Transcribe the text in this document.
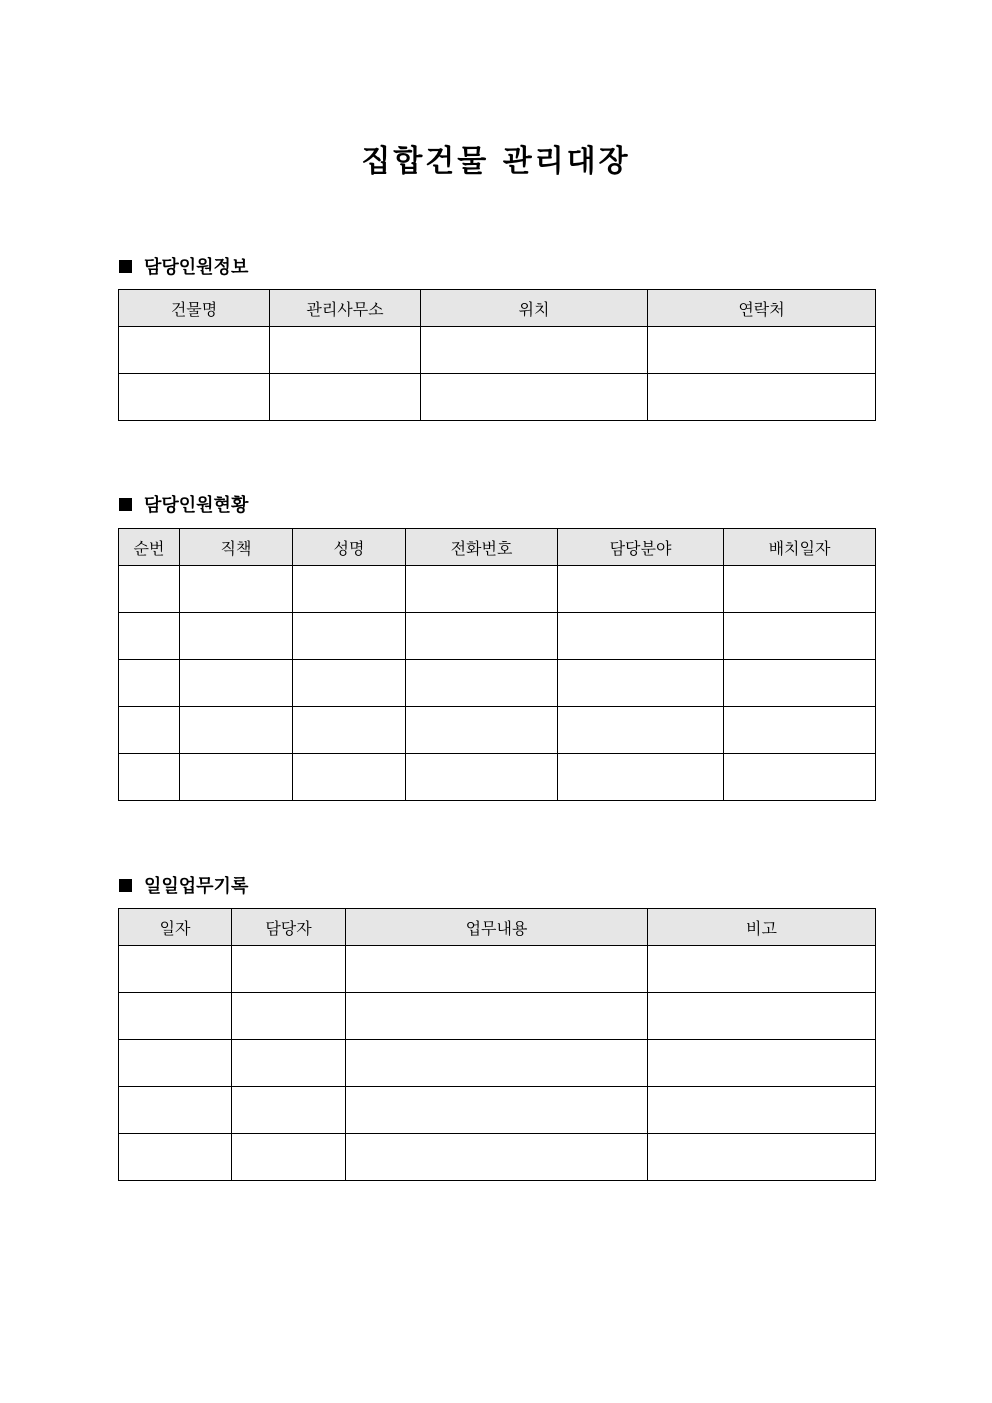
집합건물 관리대장
담당인원정보
건물명	관리사무소	위치	연락처

담당인원현황
순번	직책	성명	전화번호	담당분야	배치일자

일일업무기록
일자	담당자	업무내용	비고
